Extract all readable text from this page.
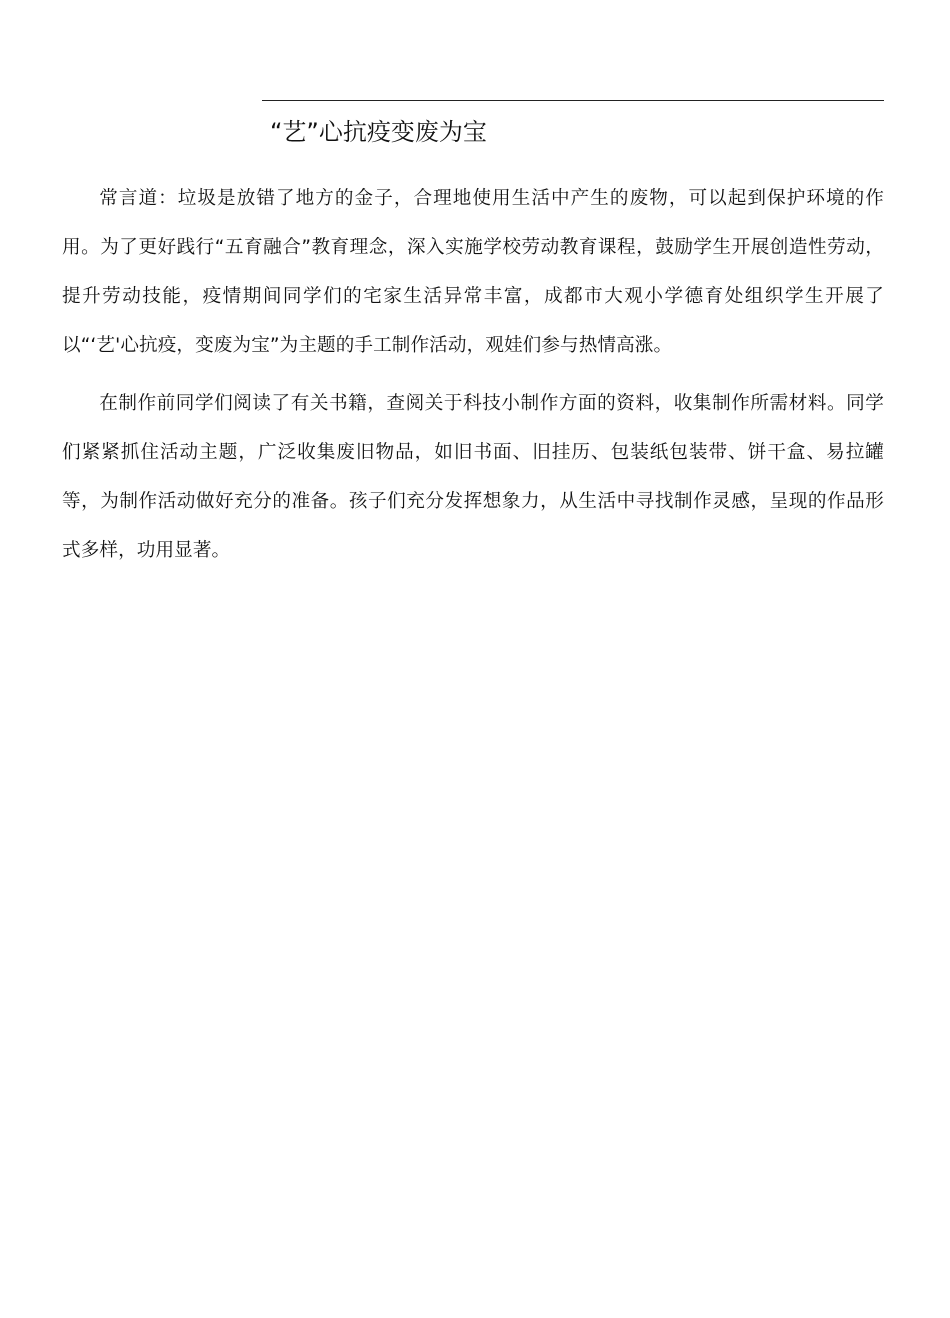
“艺”心抗疫变废为宝

常言道：垃圾是放错了地方的金子，合理地使用生活中产生的废物，可以起到保护环境的作用。为了更好践行“五育融合”教育理念，深入实施学校劳动教育课程，鼓励学生开展创造性劳动，提升劳动技能，疫情期间同学们的宅家生活异常丰富，成都市大观小学德育处组织学生开展了以“‘艺'心抗疫，变废为宝”为主题的手工制作活动，观娃们参与热情高涨。

在制作前同学们阅读了有关书籍，查阅关于科技小制作方面的资料，收集制作所需材料。同学们紧紧抓住活动主题，广泛收集废旧物品，如旧书面、旧挂历、包装纸包装带、饼干盒、易拉罐等，为制作活动做好充分的准备。孩子们充分发挥想象力，从生活中寻找制作灵感，呈现的作品形式多样，功用显著。
